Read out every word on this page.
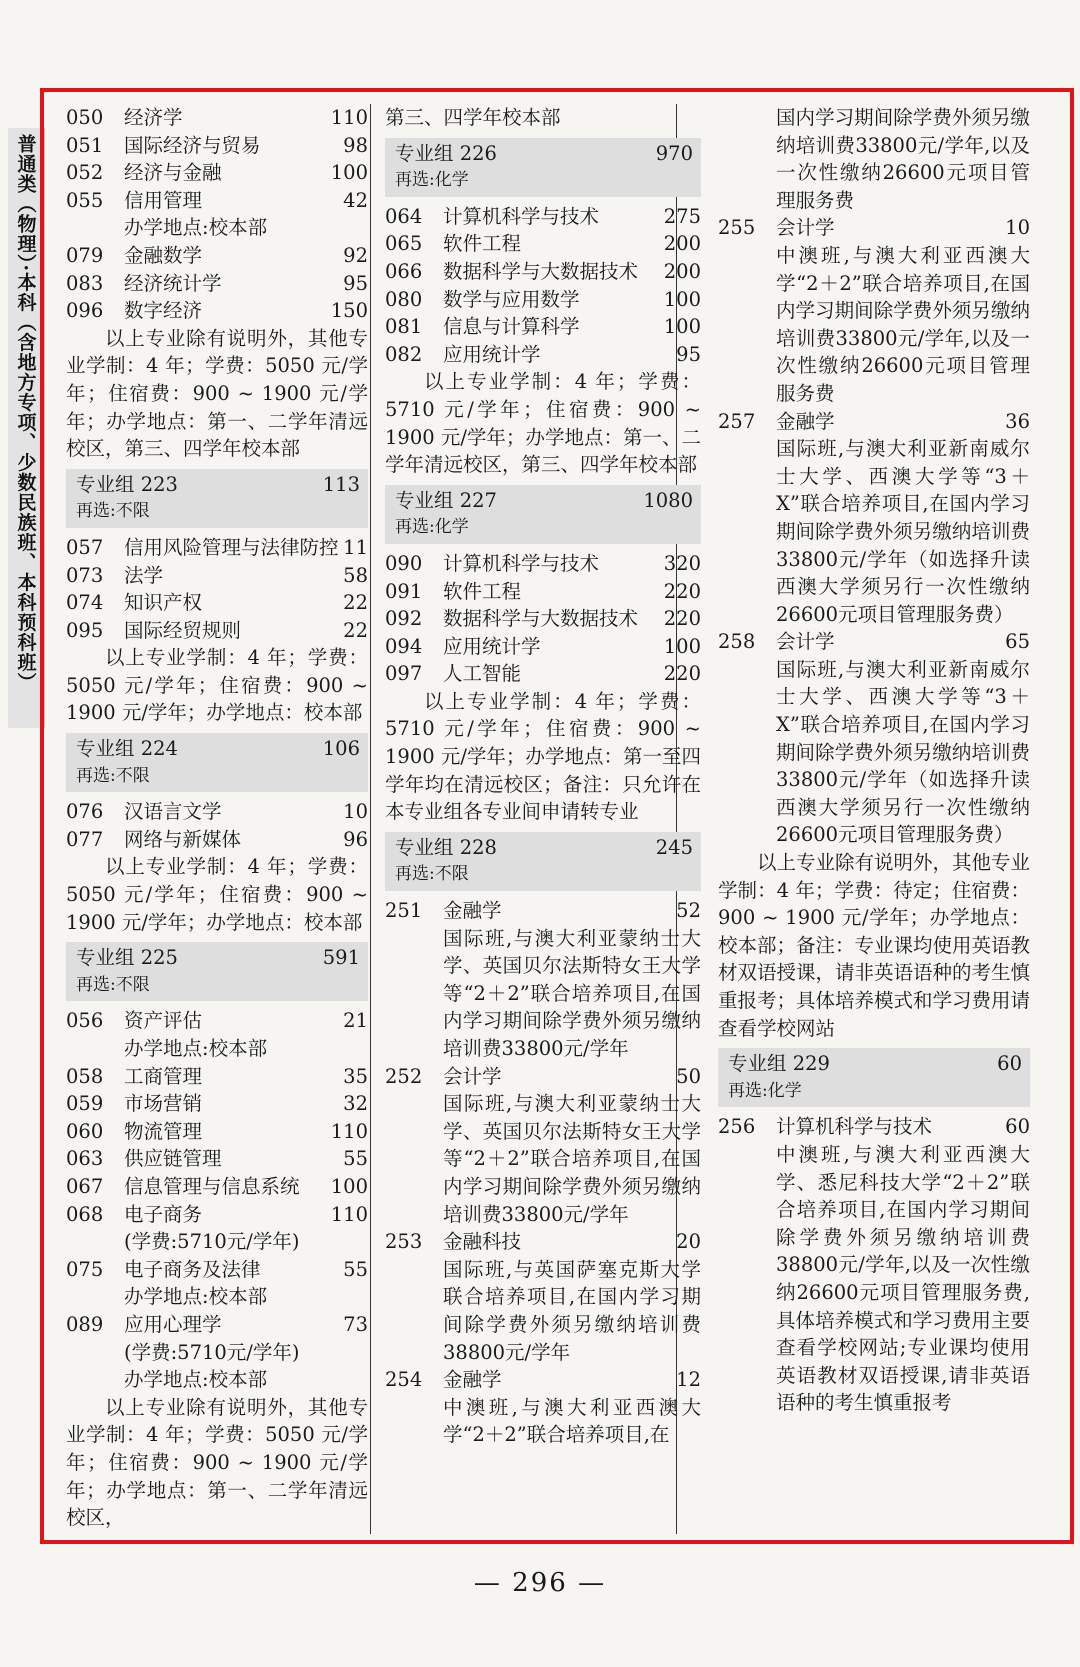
普通类（物理）·本科（含地方专项、少数民族班、本科预科班）
050	经济学	110
051	国际经济与贸易	98
052	经济与金融	100
055	信用管理	42
办学地点:校本部
079	金融数学	92
083	经济统计学	95
096	数字经济	150
以上专业除有说明外，其他专业学制：4 年；学费：5050 元/学年；住宿费：900 ~ 1900 元/学年；办学地点：第一、二学年清远校区，第三、四学年校本部
专业组 223	113
再选:不限
057	信用风险管理与法律防控 11
073	法学	58
074	知识产权	22
095	国际经贸规则	22
以上专业学制：4 年；学费：5050 元/学年；住宿费：900 ~ 1900 元/学年；办学地点：校本部
专业组 224	106
再选:不限
076	汉语言文学	10
077	网络与新媒体	96
以上专业学制：4 年；学费：5050 元/学年；住宿费：900 ~ 1900 元/学年；办学地点：校本部
专业组 225	591
再选:不限
056	资产评估	21
办学地点:校本部
058	工商管理	35
059	市场营销	32
060	物流管理	110
063	供应链管理	55
067	信息管理与信息系统	100
068	电子商务	110
(学费:5710元/学年)
075	电子商务及法律	55
办学地点:校本部
089	应用心理学	73
(学费:5710元/学年)
办学地点:校本部
以上专业除有说明外，其他专业学制：4 年；学费：5050 元/学年；住宿费：900 ~ 1900 元/学年；办学地点：第一、二学年清远校区，
第三、四学年校本部
专业组 226	970
再选:化学
064	计算机科学与技术	275
065	软件工程	200
066	数据科学与大数据技术	200
080	数学与应用数学	100
081	信息与计算科学	100
082	应用统计学	95
以上专业学制：4 年；学费：5710 元/学年；住宿费：900 ~ 1900 元/学年；办学地点：第一、二学年清远校区，第三、四学年校本部
专业组 227	1080
再选:化学
090	计算机科学与技术	320
091	软件工程	220
092	数据科学与大数据技术	220
094	应用统计学	100
097	人工智能	220
以上专业学制：4 年；学费：5710 元/学年；住宿费：900 ~ 1900 元/学年；办学地点：第一至四学年均在清远校区；备注：只允许在本专业组各专业间申请转专业
专业组 228	245
再选:不限
251	金融学	52
国际班,与澳大利亚蒙纳士大学、英国贝尔法斯特女王大学等“2＋2”联合培养项目,在国内学习期间除学费外须另缴纳培训费33800元/学年
252	会计学	50
国际班,与澳大利亚蒙纳士大学、英国贝尔法斯特女王大学等“2＋2”联合培养项目,在国内学习期间除学费外须另缴纳培训费33800元/学年
253	金融科技	20
国际班,与英国萨塞克斯大学联合培养项目,在国内学习期间除学费外须另缴纳培训费38800元/学年
254	金融学	12
中澳班,与澳大利亚西澳大学“2＋2”联合培养项目,在
国内学习期间除学费外须另缴纳培训费33800元/学年,以及一次性缴纳26600元项目管理服务费
255	会计学	10
中澳班,与澳大利亚西澳大学“2＋2”联合培养项目,在国内学习期间除学费外须另缴纳培训费33800元/学年,以及一次性缴纳26600元项目管理服务费
257	金融学	36
国际班,与澳大利亚新南威尔士大学、西澳大学等“3＋X”联合培养项目,在国内学习期间除学费外须另缴纳培训费33800元/学年（如选择升读西澳大学须另行一次性缴纳26600元项目管理服务费）
258	会计学	65
国际班,与澳大利亚新南威尔士大学、西澳大学等“3＋X”联合培养项目,在国内学习期间除学费外须另缴纳培训费33800元/学年（如选择升读西澳大学须另行一次性缴纳26600元项目管理服务费）
以上专业除有说明外，其他专业学制：4 年；学费：待定；住宿费：900 ~ 1900 元/学年；办学地点：校本部；备注：专业课均使用英语教材双语授课，请非英语语种的考生慎重报考；具体培养模式和学习费用请查看学校网站
专业组 229	60
再选:化学
256	计算机科学与技术	60
中澳班,与澳大利亚西澳大学、悉尼科技大学“2＋2”联合培养项目,在国内学习期间除学费外须另缴纳培训费38800元/学年,以及一次性缴纳26600元项目管理服务费,具体培养模式和学习费用主要查看学校网站;专业课均使用英语教材双语授课,请非英语语种的考生慎重报考
— 296 —
